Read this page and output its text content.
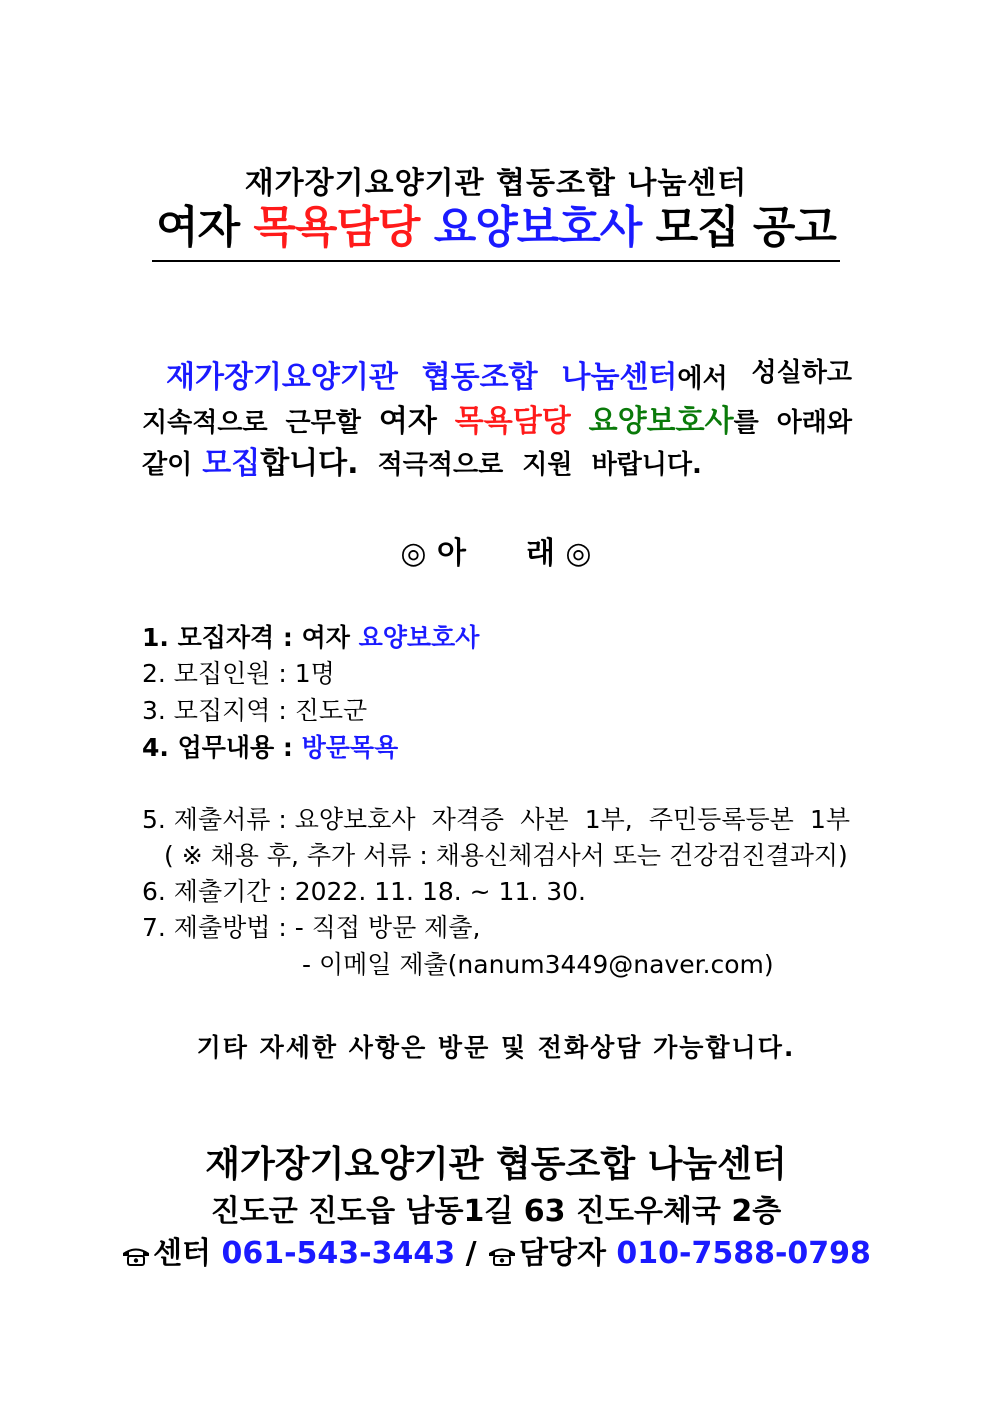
재가장기요양기관 협동조합 나눔센터
여자 목욕담당 요양보호사 모집 공고
재가장기요양기관 협동조합 나눔센터에서 성실하고
지속적으로 근무할 여자 목욕담당 요양보호사를 아래와
같이 모집합니다. 적극적으로 지원 바랍니다.
◎ 아 래 ◎
1. 모집자격 : 여자 요양보호사
2. 모집인원 : 1명
3. 모집지역 : 진도군
4. 업무내용 : 방문목욕
5. 제출서류 : 요양보호사 자격증 사본 1부, 주민등록등본 1부
( ※ 채용 후, 추가 서류 : 채용신체검사서 또는 건강검진결과지)
6. 제출기간 : 2022. 11. 18. ~ 11. 30.
7. 제출방법 : - 직접 방문 제출,
- 이메일 제출(nanum3449@naver.com)
기타 자세한 사항은 방문 및 전화상담 가능합니다.
재가장기요양기관 협동조합 나눔센터
진도군 진도읍 남동1길 63 진도우체국 2층
센터 061-543-3443 / 담당자 010-7588-0798
